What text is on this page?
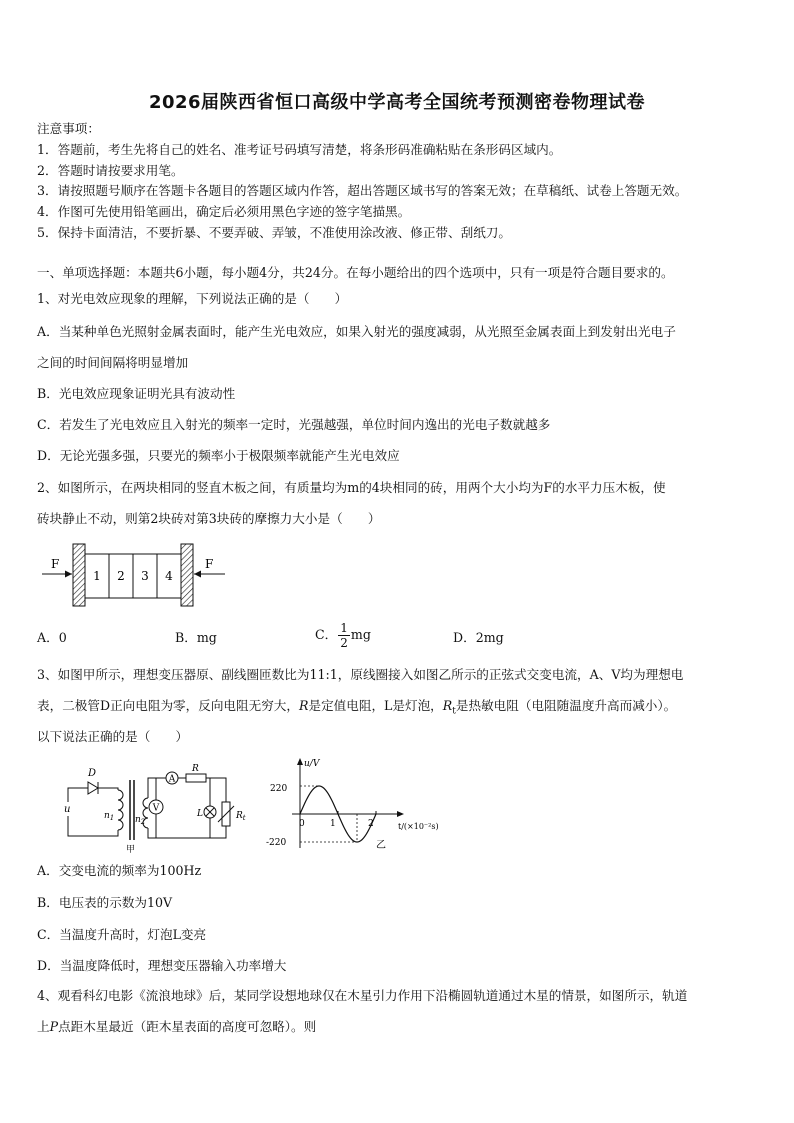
2026届陕西省恒口高级中学高考全国统考预测密卷物理试卷
注意事项：
1．答题前，考生先将自己的姓名、准考证号码填写清楚，将条形码准确粘贴在条形码区域内。
2．答题时请按要求用笔。
3．请按照题号顺序在答题卡各题目的答题区域内作答，超出答题区域书写的答案无效；在草稿纸、试卷上答题无效。
4．作图可先使用铅笔画出，确定后必须用黑色字迹的签字笔描黑。
5．保持卡面清洁，不要折暴、不要弄破、弄皱，不准使用涂改液、修正带、刮纸刀。
一、单项选择题：本题共6小题，每小题4分，共24分。在每小题给出的四个选项中，只有一项是符合题目要求的。
1、对光电效应现象的理解，下列说法正确的是（　　）
A．当某种单色光照射金属表面时，能产生光电效应，如果入射光的强度减弱，从光照至金属表面上到发射出光电子
之间的时间间隔将明显增加
B．光电效应现象证明光具有波动性
C．若发生了光电效应且入射光的频率一定时，光强越强，单位时间内逸出的光电子数就越多
D．无论光强多强，只要光的频率小于极限频率就能产生光电效应
2、如图所示，在两块相同的竖直木板之间，有质量均为m的4块相同的砖，用两个大小均为F的水平力压木板，使
砖块静止不动，则第2块砖对第3块砖的摩擦力大小是（　　）
F
1 2 3 4
F
A．0	B．mg	C． $\frac{1}{2}$ mg	D．2mg
3、如图甲所示，理想变压器原、副线圈匝数比为11:1，原线圈接入如图乙所示的正弦式交变电流，A、V均为理想电
表，二极管D正向电阻为零，反向电阻无穷大，R是定值电阻，L是灯泡，$R_t$是热敏电阻（电阻随温度升高而减小）。
以下说法正确的是（　　）
A
V
D
u
$n_1$ $n_2$
R
L	$R_t$
甲
u/V
220
-220
0	1	2	t/(×10⁻²s)
乙
A．交变电流的频率为100Hz
B．电压表的示数为10V
C．当温度升高时，灯泡L变亮
D．当温度降低时，理想变压器输入功率增大
4、观看科幻电影《流浪地球》后，某同学设想地球仅在木星引力作用下沿椭圆轨道通过木星的情景，如图所示，轨道
上P点距木星最近（距木星表面的高度可忽略）。则
